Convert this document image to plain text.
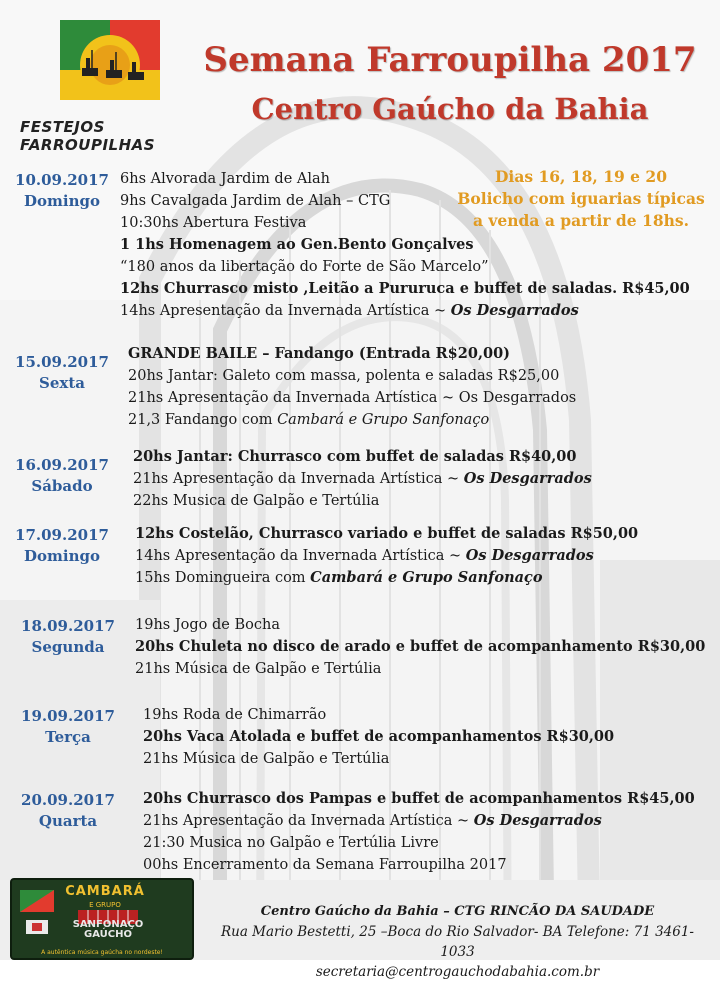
FESTEJOS FARROUPILHAS
Semana Farroupilha 2017
Centro Gaúcho da Bahia
Dias 16, 18, 19 e 20
Bolicho com iguarias típicas
a venda a partir de 18hs.
10.09.2017
Domingo
6hs Alvorada Jardim de Alah
9hs Cavalgada Jardim de Alah – CTG
10:30hs Abertura Festiva
1 1hs Homenagem ao Gen.Bento Gonçalves
“180 anos da libertação do Forte de São Marcelo”
12hs Churrasco misto ,Leitão a Pururuca e buffet de saladas. R$45,00
14hs Apresentação da Invernada Artística ~ Os Desgarrados
15.09.2017
Sexta
GRANDE BAILE – Fandango (Entrada R$20,00)
20hs Jantar: Galeto com massa, polenta e saladas R$25,00
21hs Apresentação da Invernada Artística ~ Os Desgarrados
21,3 Fandango com Cambará e Grupo Sanfonaço
16.09.2017
Sábado
20hs Jantar: Churrasco com buffet de saladas R$40,00
21hs Apresentação da Invernada Artística ~ Os Desgarrados
22hs Musica de Galpão e Tertúlia
17.09.2017
Domingo
12hs Costelão, Churrasco variado e buffet de saladas R$50,00
14hs Apresentação da Invernada Artística ~ Os Desgarrados
15hs Domingueira com Cambará e Grupo Sanfonaço
18.09.2017
Segunda
19hs Jogo de Bocha
20hs Chuleta no disco de arado e buffet de acompanhamento R$30,00
21hs Música de Galpão e Tertúlia
19.09.2017
Terça
19hs Roda de Chimarrão
20hs Vaca Atolada e buffet de acompanhamentos R$30,00
21hs Música de Galpão e Tertúlia
20.09.2017
Quarta
20hs Churrasco dos Pampas e buffet de acompanhamentos R$45,00
21hs Apresentação da Invernada Artística ~ Os Desgarrados
21:30 Musica no Galpão e Tertúlia Livre
00hs Encerramento da Semana Farroupilha 2017
CAMBARÁ
E GRUPO
SANFONAÇO
GAÚCHO
A autêntica música gaúcha no nordeste!
Centro Gaúcho da Bahia – CTG RINCÃO DA SAUDADE
Rua Mario Bestetti, 25 –Boca do Rio Salvador- BA Telefone: 71 3461-1033
secretaria@centrogauchodabahia.com.br
